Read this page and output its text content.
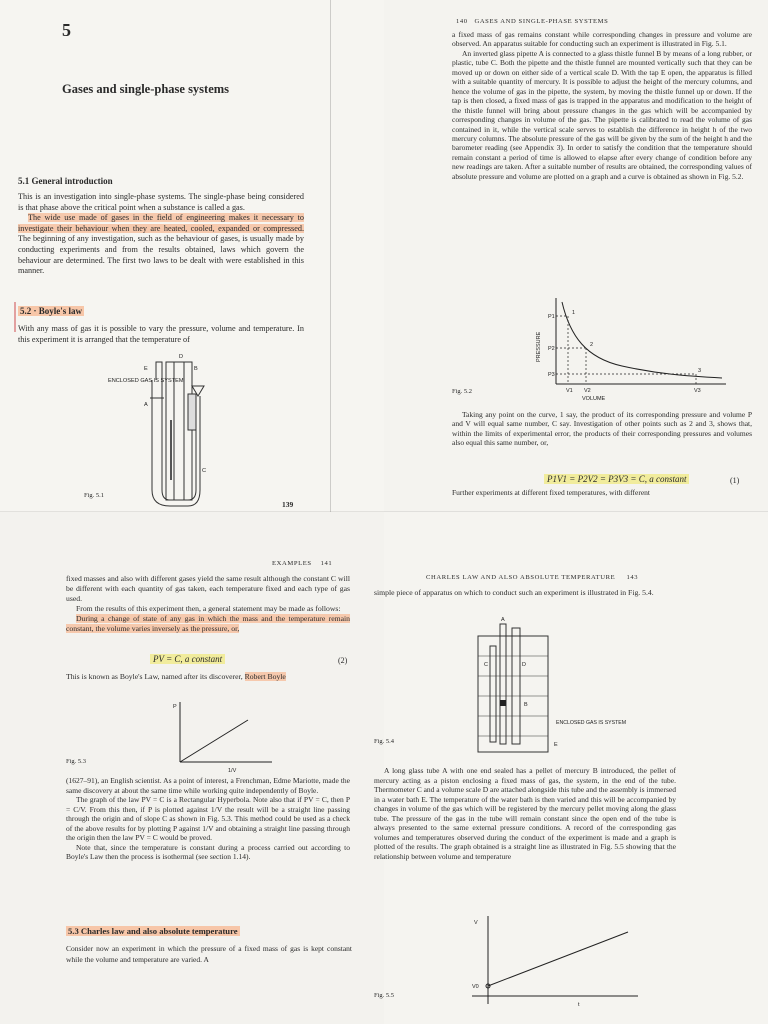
5
Gases and single-phase systems
5.1 General introduction

This is an investigation into single-phase systems. The single-phase being considered is that phase above the critical point when a substance is called a gas.

The wide use made of gases in the field of engineering makes it necessary to investigate their behaviour when they are heated, cooled, expanded or compressed. The beginning of any investigation, such as the behaviour of gases, is usually made by conducting experiments and from the results obtained, laws which govern the behaviour are determined. The first two laws to be dealt with were established in this manner.

5.2 · Boyle's law
With any mass of gas it is possible to vary the pressure, volume and temperature. In this experiment it is arranged that the temperature of
ENCLOSED GAS IS SYSTEM
E	B
D
A
C
Fig. 5.1
139
140 GASES AND SINGLE-PHASE SYSTEMS

a fixed mass of gas remains constant while corresponding changes in pressure and volume are observed. An apparatus suitable for conducting such an experiment is illustrated in Fig. 5.1.

An inverted glass pipette A is connected to a glass thistle funnel B by means of a long rubber, or plastic, tube C. Both the pipette and the thistle funnel are mounted vertically such that they can be moved up or down on either side of a vertical scale D. With the tap E open, the apparatus is filled with a suitable quantity of mercury. It is possible to adjust the height of the mercury columns, and hence the volume of gas in the pipette, the system, by moving the thistle funnel up or down. If the tap is then closed, a fixed mass of gas is trapped in the apparatus and modification to the height of the thistle funnel will bring about pressure changes in the gas which will be accompanied by corresponding changes in volume of the gas. The pipette is calibrated to read the volume of gas contained in it, while the vertical scale serves to establish the difference in height h of the two mercury columns. The absolute pressure of the gas will be given by the sum of the height h and the barometer reading (see Appendix 3). In order to satisfy the condition that the temperature should remain constant a period of time is allowed to elapse after every change of condition before any new readings are taken. After a suitable number of results are obtained, the corresponding values of absolute pressure and volume are plotted on a graph and a curve is obtained as shown in Fig. 5.2.

PRESSURE
P1
P2
P3
V1 V2	V3
1
2
3
VOLUME
Fig. 5.2

Taking any point on the curve, 1 say, the product of its corresponding pressure and volume P and V will equal same number, C say. Investigation of other points such as 2 and 3, shows that, within the limits of experimental error, the products of their corresponding pressures and volumes also equal this same number, or,

P1V1 = P2V2 = P3V3 = C, a constant	(1)
Further experiments at different fixed temperatures, with different
EXAMPLES 141

fixed masses and also with different gases yield the same result although the constant C will be different with each quantity of gas taken, each temperature fixed and each type of gas used.

From the results of this experiment then, a general statement may be made as follows:

During a change of state of any gas in which the mass and the temperature remain constant, the volume varies inversely as the pressure, or,

PV = C, a constant	(2)
This is known as Boyle's Law, named after its discoverer, Robert Boyle
P
1/V
Fig. 5.3

(1627–91), an English scientist. As a point of interest, a Frenchman, Edme Mariotte, made the same discovery at about the same time while working quite independently of Boyle.

The graph of the law PV = C is a Rectangular Hyperbola. Note also that if PV = C, then P = C/V. From this then, if P is plotted against 1/V the result will be a straight line passing through the origin and of slope C as shown in Fig. 5.3. This method could be used as a check of the above results for by plotting P against 1/V and obtaining a straight line passing through the origin then the law PV = C would be proved.

Note that, since the temperature is constant during a process carried out according to Boyle's Law then the process is isothermal (see section 1.14).

5.3 Charles law and also absolute temperature
Consider now an experiment in which the pressure of a fixed mass of gas is kept constant while the volume and temperature are varied. A
CHARLES LAW AND ALSO ABSOLUTE TEMPERATURE 143

simple piece of apparatus on which to conduct such an experiment is illustrated in Fig. 5.4.

A
C	D
B
E
ENCLOSED GAS IS SYSTEM
Fig. 5.4

A long glass tube A with one end sealed has a pellet of mercury B introduced, the pellet of mercury acting as a piston enclosing a fixed mass of gas, the system, in the end of the tube. Thermometer C and a volume scale D are attached alongside this tube and the assembly is immersed in a water bath E. The temperature of the water bath is then varied and this will be accompanied by changes in volume of the gas which will be registered by the mercury pellet moving along the glass tube. The pressure of the gas in the tube will remain constant since the open end of the tube is always presented to the same external pressure conditions. A record of the corresponding gas volumes and temperatures observed during the conduct of the experiment is made and a graph is plotted of the results. The graph obtained is a straight line as illustrated in Fig. 5.5 showing that the relationship between volume and temperature

V
V0
t
Fig. 5.5
